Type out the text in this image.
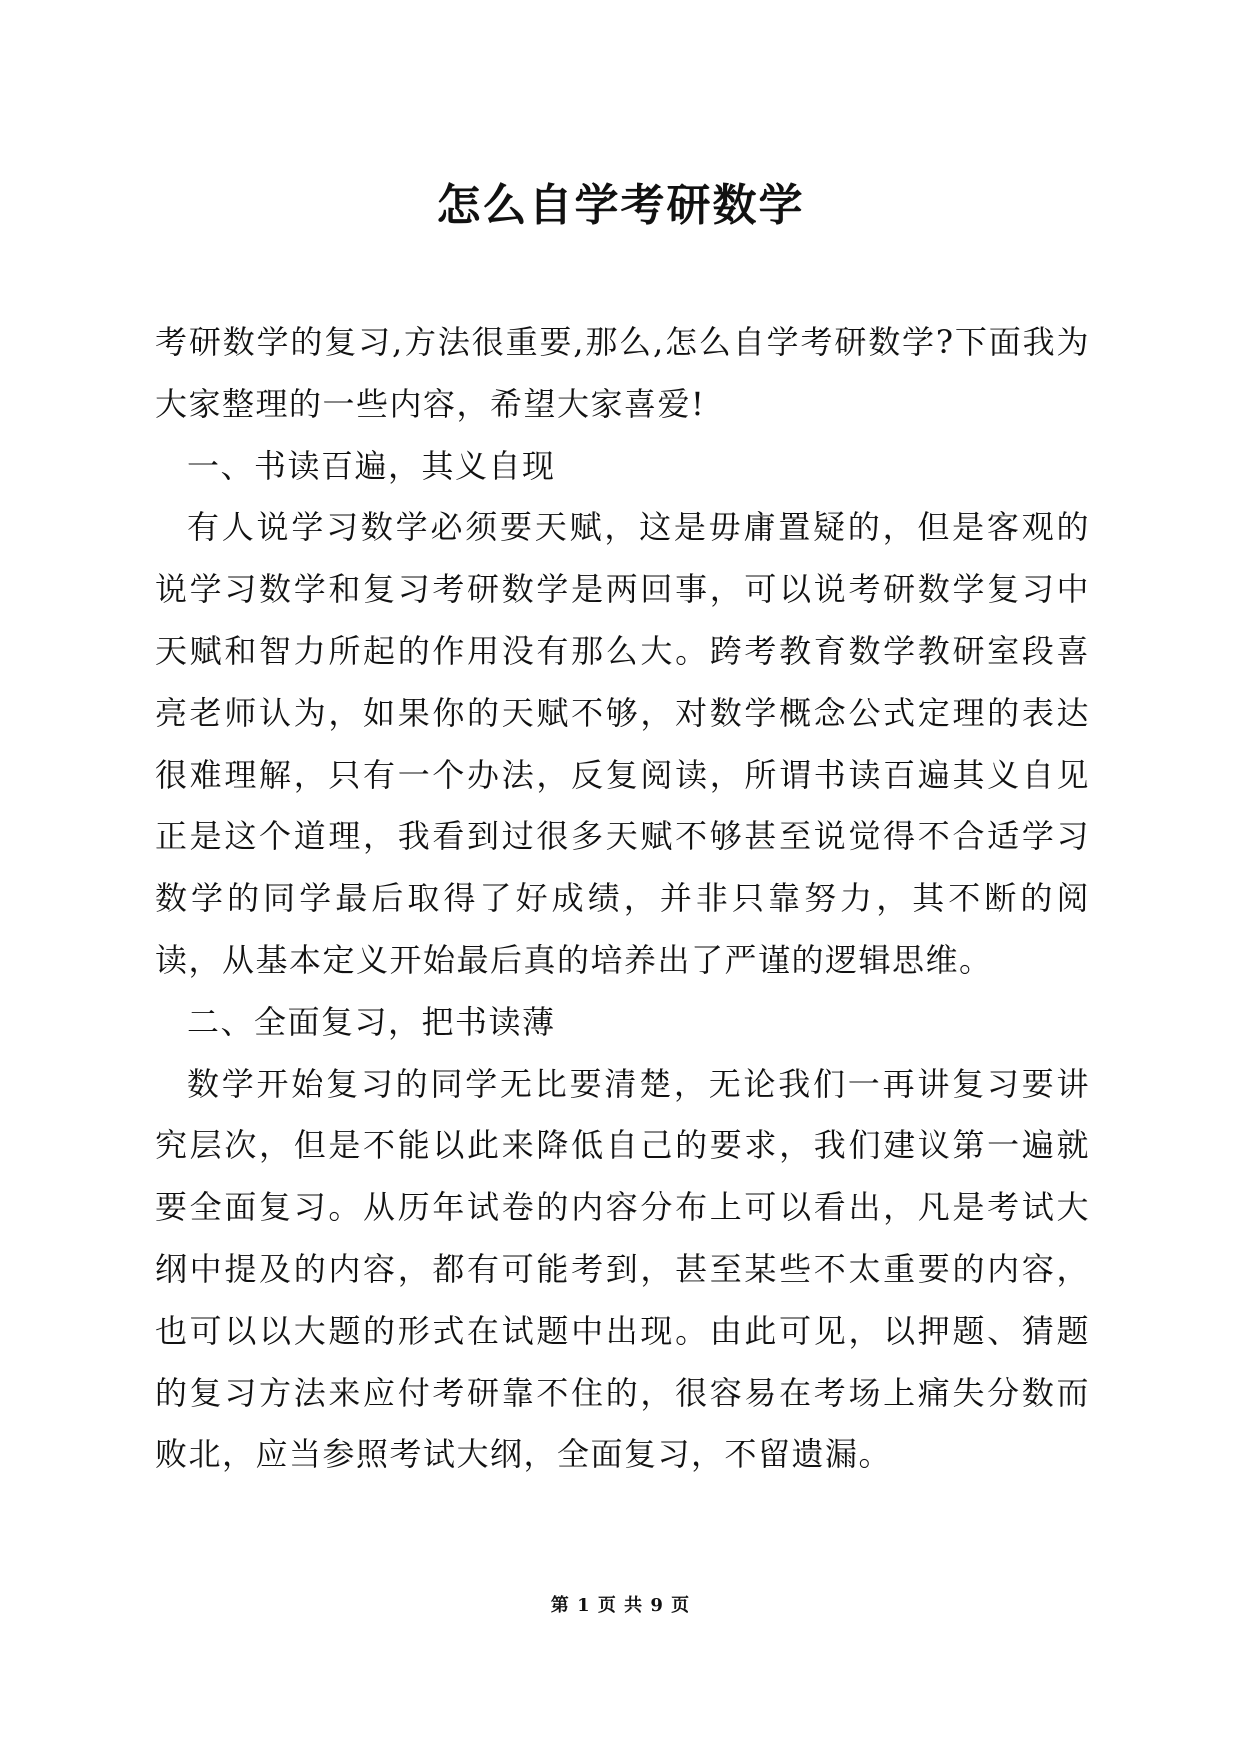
怎么自学考研数学

考研数学的复习,方法很重要,那么,怎么自学考研数学?下面我为大家整理的一些内容，希望大家喜爱!

一、书读百遍，其义自现

有人说学习数学必须要天赋，这是毋庸置疑的，但是客观的说学习数学和复习考研数学是两回事，可以说考研数学复习中天赋和智力所起的作用没有那么大。跨考教育数学教研室段喜亮老师认为，如果你的天赋不够，对数学概念公式定理的表达很难理解，只有一个办法，反复阅读，所谓书读百遍其义自见正是这个道理，我看到过很多天赋不够甚至说觉得不合适学习数学的同学最后取得了好成绩，并非只靠努力，其不断的阅读，从基本定义开始最后真的培养出了严谨的逻辑思维。

二、全面复习，把书读薄

数学开始复习的同学无比要清楚，无论我们一再讲复习要讲究层次，但是不能以此来降低自己的要求，我们建议第一遍就要全面复习。从历年试卷的内容分布上可以看出，凡是考试大纲中提及的内容，都有可能考到，甚至某些不太重要的内容，也可以以大题的形式在试题中出现。由此可见，以押题、猜题的复习方法来应付考研靠不住的，很容易在考场上痛失分数而败北，应当参照考试大纲，全面复习，不留遗漏。

第 1 页 共 9 页
